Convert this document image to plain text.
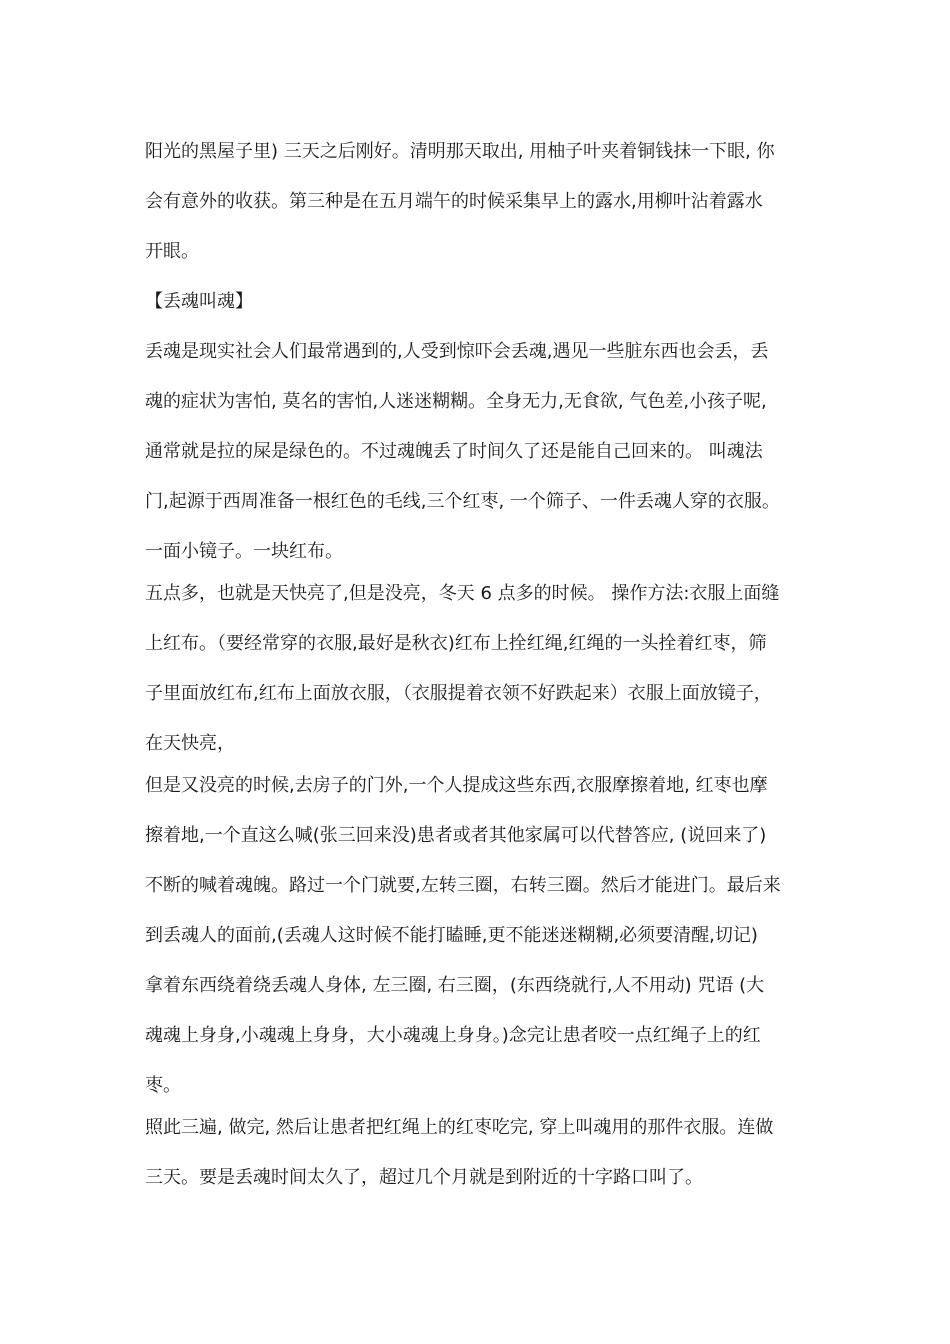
阳光的黑屋子里) 三天之后刚好。清明那天取出, 用柚子叶夹着铜钱抹一下眼, 你
会有意外的收获。第三种是在五月端午的时候采集早上的露水,用柳叶沾着露水
开眼。
【丢魂叫魂】
丢魂是现实社会人们最常遇到的,人受到惊吓会丢魂,遇见一些脏东西也会丢，丢
魂的症状为害怕, 莫名的害怕,人迷迷糊糊。全身无力,无食欲, 气色差,小孩子呢,
通常就是拉的屎是绿色的。不过魂魄丢了时间久了还是能自己回来的。 叫魂法
门,起源于西周准备一根红色的毛线,三个红枣, 一个筛子、一件丢魂人穿的衣服。
一面小镜子。一块红布。
五点多，也就是天快亮了,但是没亮，冬天 6 点多的时候。 操作方法:衣服上面缝
上红布。（要经常穿的衣服,最好是秋衣)红布上拴红绳,红绳的一头拴着红枣，筛
子里面放红布,红布上面放衣服，（衣服提着衣领不好跌起来）衣服上面放镜子，
在天快亮，
但是又没亮的时候,去房子的门外,一个人提成这些东西,衣服摩擦着地, 红枣也摩
擦着地,一个直这么喊(张三回来没)患者或者其他家属可以代替答应, (说回来了)
不断的喊着魂魄。路过一个门就要,左转三圈，右转三圈。然后才能进门。最后来
到丢魂人的面前,(丢魂人这时候不能打瞌睡,更不能迷迷糊糊,必须要清醒,切记)
拿着东西绕着绕丢魂人身体, 左三圈, 右三圈，(东西绕就行,人不用动) 咒语 (大
魂魂上身身,小魂魂上身身，大小魂魂上身身。)念完让患者咬一点红绳子上的红
枣。
照此三遍, 做完, 然后让患者把红绳上的红枣吃完, 穿上叫魂用的那件衣服。连做
三天。要是丢魂时间太久了，超过几个月就是到附近的十字路口叫了。
